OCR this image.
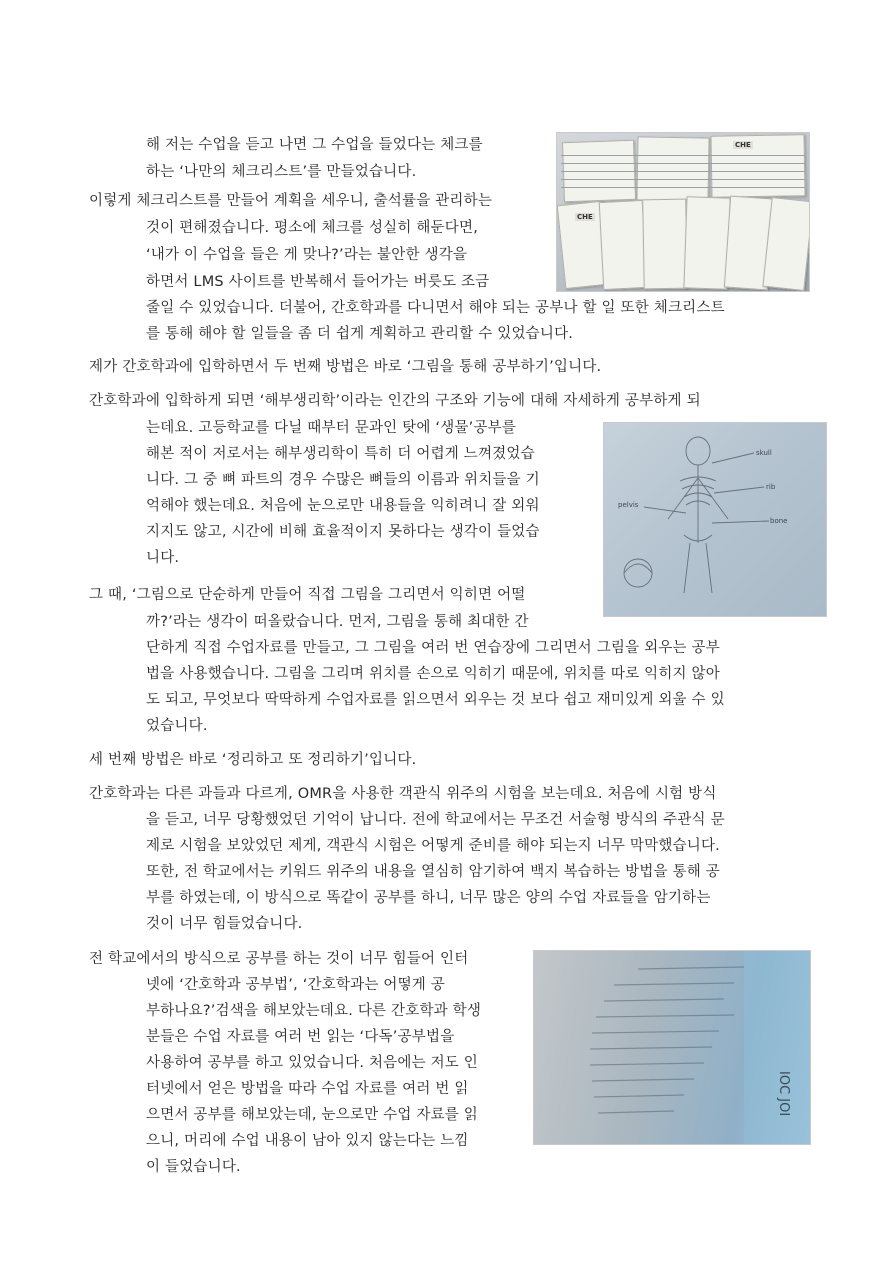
해 저는 수업을 듣고 나면 그 수업을 들었다는 체크를
하는 ‘나만의 체크리스트’를 만들었습니다.
이렇게 체크리스트를 만들어 계획을 세우니, 출석률을 관리하는
것이 편해졌습니다. 평소에 체크를 성실히 해둔다면,
‘내가 이 수업을 들은 게 맞나?’라는 불안한 생각을
하면서 LMS 사이트를 반복해서 들어가는 버릇도 조금
줄일 수 있었습니다. 더불어, 간호학과를 다니면서 해야 되는 공부나 할 일 또한 체크리스트
를 통해 해야 할 일들을 좀 더 쉽게 계획하고 관리할 수 있었습니다.
제가 간호학과에 입학하면서 두 번째 방법은 바로 ‘그림을 통해 공부하기’입니다.
간호학과에 입학하게 되면 ‘해부생리학’이라는 인간의 구조와 기능에 대해 자세하게 공부하게 되
는데요. 고등학교를 다닐 때부터 문과인 탓에 ‘생물’공부를
해본 적이 저로서는 해부생리학이 특히 더 어렵게 느껴졌었습
니다. 그 중 뼈 파트의 경우 수많은 뼈들의 이름과 위치들을 기
억해야 했는데요. 처음에 눈으로만 내용들을 익히려니 잘 외워
지지도 않고, 시간에 비해 효율적이지 못하다는 생각이 들었습
니다.
그 때, ‘그림으로 단순하게 만들어 직접 그림을 그리면서 익히면 어떨
까?’라는 생각이 떠올랐습니다. 먼저, 그림을 통해 최대한 간
단하게 직접 수업자료를 만들고, 그 그림을 여러 번 연습장에 그리면서 그림을 외우는 공부
법을 사용했습니다. 그림을 그리며 위치를 손으로 익히기 때문에, 위치를 따로 익히지 않아
도 되고, 무엇보다 딱딱하게 수업자료를 읽으면서 외우는 것 보다 쉽고 재미있게 외울 수 있
었습니다.
세 번째 방법은 바로 ‘정리하고 또 정리하기’입니다.
간호학과는 다른 과들과 다르게, OMR을 사용한 객관식 위주의 시험을 보는데요. 처음에 시험 방식
을 듣고, 너무 당황했었던 기억이 납니다. 전에 학교에서는 무조건 서술형 방식의 주관식 문
제로 시험을 보았었던 제게, 객관식 시험은 어떻게 준비를 해야 되는지 너무 막막했습니다.
또한, 전 학교에서는 키워드 위주의 내용을 열심히 암기하여 백지 복습하는 방법을 통해 공
부를 하였는데, 이 방식으로 똑같이 공부를 하니, 너무 많은 양의 수업 자료들을 암기하는
것이 너무 힘들었습니다.
전 학교에서의 방식으로 공부를 하는 것이 너무 힘들어 인터
넷에 ‘간호학과 공부법’, ‘간호학과는 어떻게 공
부하나요?’검색을 해보았는데요. 다른 간호학과 학생
분들은 수업 자료를 여러 번 읽는 ‘다독’공부법을
사용하여 공부를 하고 있었습니다. 처음에는 저도 인
터넷에서 얻은 방법을 따라 수업 자료를 여러 번 읽
으면서 공부를 해보았는데, 눈으로만 수업 자료를 읽
으니, 머리에 수업 내용이 남아 있지 않는다는 느낌
이 들었습니다.
CHE
CHE
skull
rib
bone
pelvis
IOC JOI
